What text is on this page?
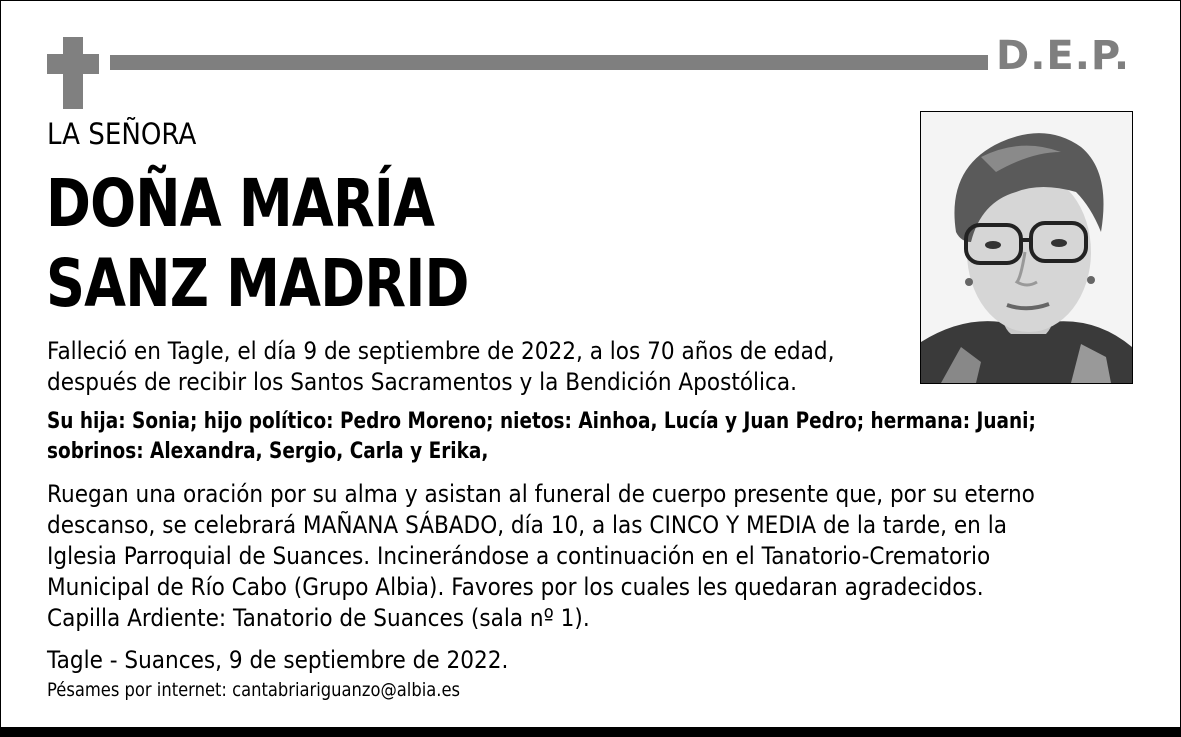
D.E.P.
LA SEÑORA
DOÑA MARÍA
SANZ MADRID
Falleció en Tagle, el día 9 de septiembre de 2022, a los 70 años de edad,
después de recibir los Santos Sacramentos y la Bendición Apostólica.
Su hija: Sonia; hijo político: Pedro Moreno; nietos: Ainhoa, Lucía y Juan Pedro; hermana: Juani;
sobrinos: Alexandra, Sergio, Carla y Erika,
Ruegan una oración por su alma y asistan al funeral de cuerpo presente que, por su eterno
descanso, se celebrará MAÑANA SÁBADO, día 10, a las CINCO Y MEDIA de la tarde, en la
Iglesia Parroquial de Suances. Incinerándose a continuación en el Tanatorio-Crematorio
Municipal de Río Cabo (Grupo Albia). Favores por los cuales les quedaran agradecidos.
Capilla Ardiente: Tanatorio de Suances (sala nº 1).
Tagle - Suances, 9 de septiembre de 2022.
Pésames por internet: cantabriariguanzo@albia.es
